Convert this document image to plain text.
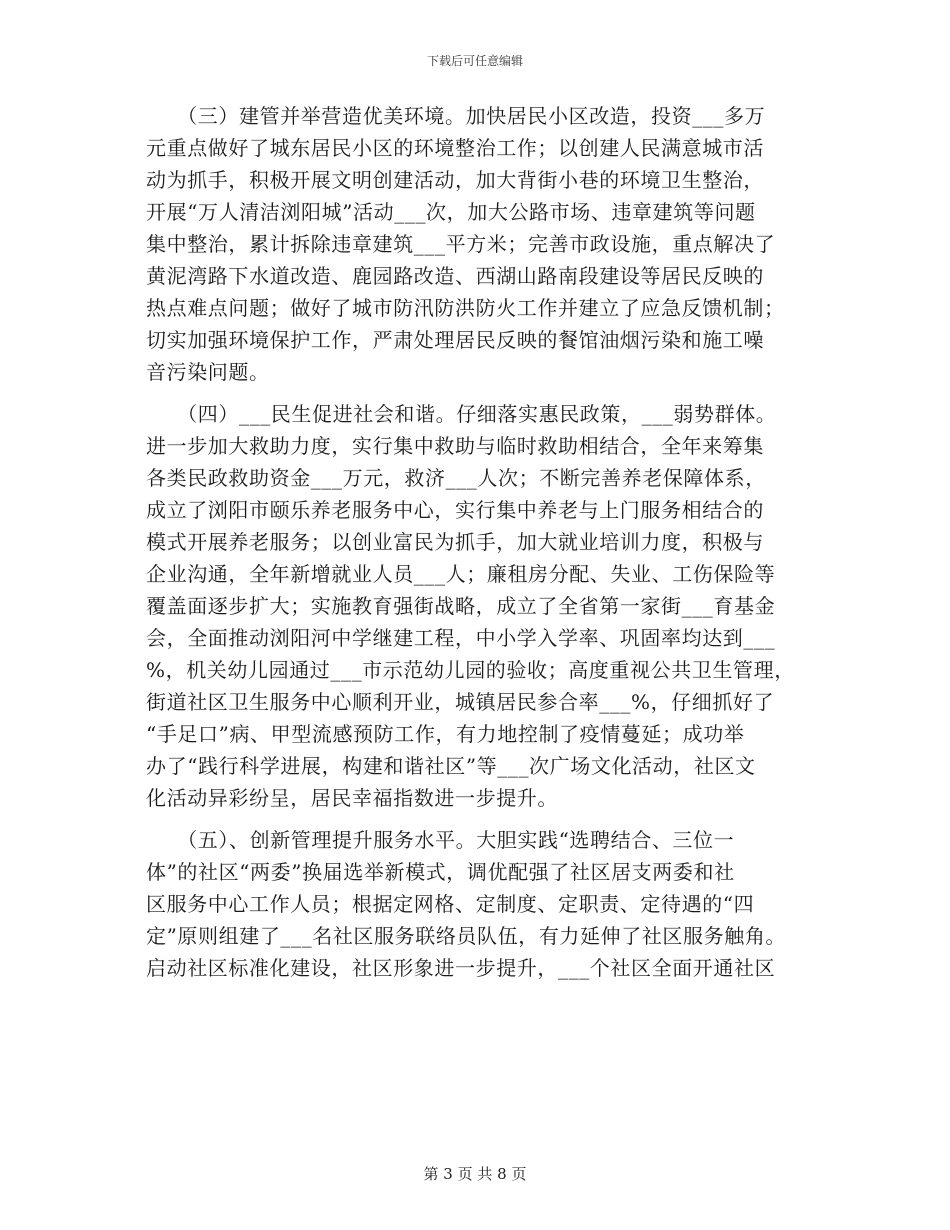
下载后可任意编辑
　　（三）建管并举营造优美环境。加快居民小区改造，投资___多万
元重点做好了城东居民小区的环境整治工作；以创建人民满意城市活
动为抓手，积极开展文明创建活动，加大背街小巷的环境卫生整治，
开展“万人清洁浏阳城”活动___次，加大公路市场、违章建筑等问题
集中整治，累计拆除违章建筑___平方米；完善市政设施，重点解决了
黄泥湾路下水道改造、鹿园路改造、西湖山路南段建设等居民反映的
热点难点问题；做好了城市防汛防洪防火工作并建立了应急反馈机制；
切实加强环境保护工作，严肃处理居民反映的餐馆油烟污染和施工噪
音污染问题。
　　（四）___民生促进社会和谐。仔细落实惠民政策，___弱势群体。
进一步加大救助力度，实行集中救助与临时救助相结合，全年来筹集
各类民政救助资金___万元，救济___人次；不断完善养老保障体系，
成立了浏阳市颐乐养老服务中心，实行集中养老与上门服务相结合的
模式开展养老服务；以创业富民为抓手，加大就业培训力度，积极与
企业沟通，全年新增就业人员___人；廉租房分配、失业、工伤保险等
覆盖面逐步扩大；实施教育强街战略，成立了全省第一家街___育基金
会，全面推动浏阳河中学继建工程，中小学入学率、巩固率均达到___
%，机关幼儿园通过___市示范幼儿园的验收；高度重视公共卫生管理，
街道社区卫生服务中心顺利开业，城镇居民参合率___%，仔细抓好了
“手足口”病、甲型流感预防工作，有力地控制了疫情蔓延；成功举
办了“践行科学进展，构建和谐社区”等___次广场文化活动，社区文
化活动异彩纷呈，居民幸福指数进一步提升。
　　（五）、创新管理提升服务水平。大胆实践“选聘结合、三位一
体”的社区“两委”换届选举新模式，调优配强了社区居支两委和社
区服务中心工作人员；根据定网格、定制度、定职责、定待遇的“四
定”原则组建了___名社区服务联络员队伍，有力延伸了社区服务触角。
启动社区标准化建设，社区形象进一步提升，___个社区全面开通社区
第 3 页 共 8 页
